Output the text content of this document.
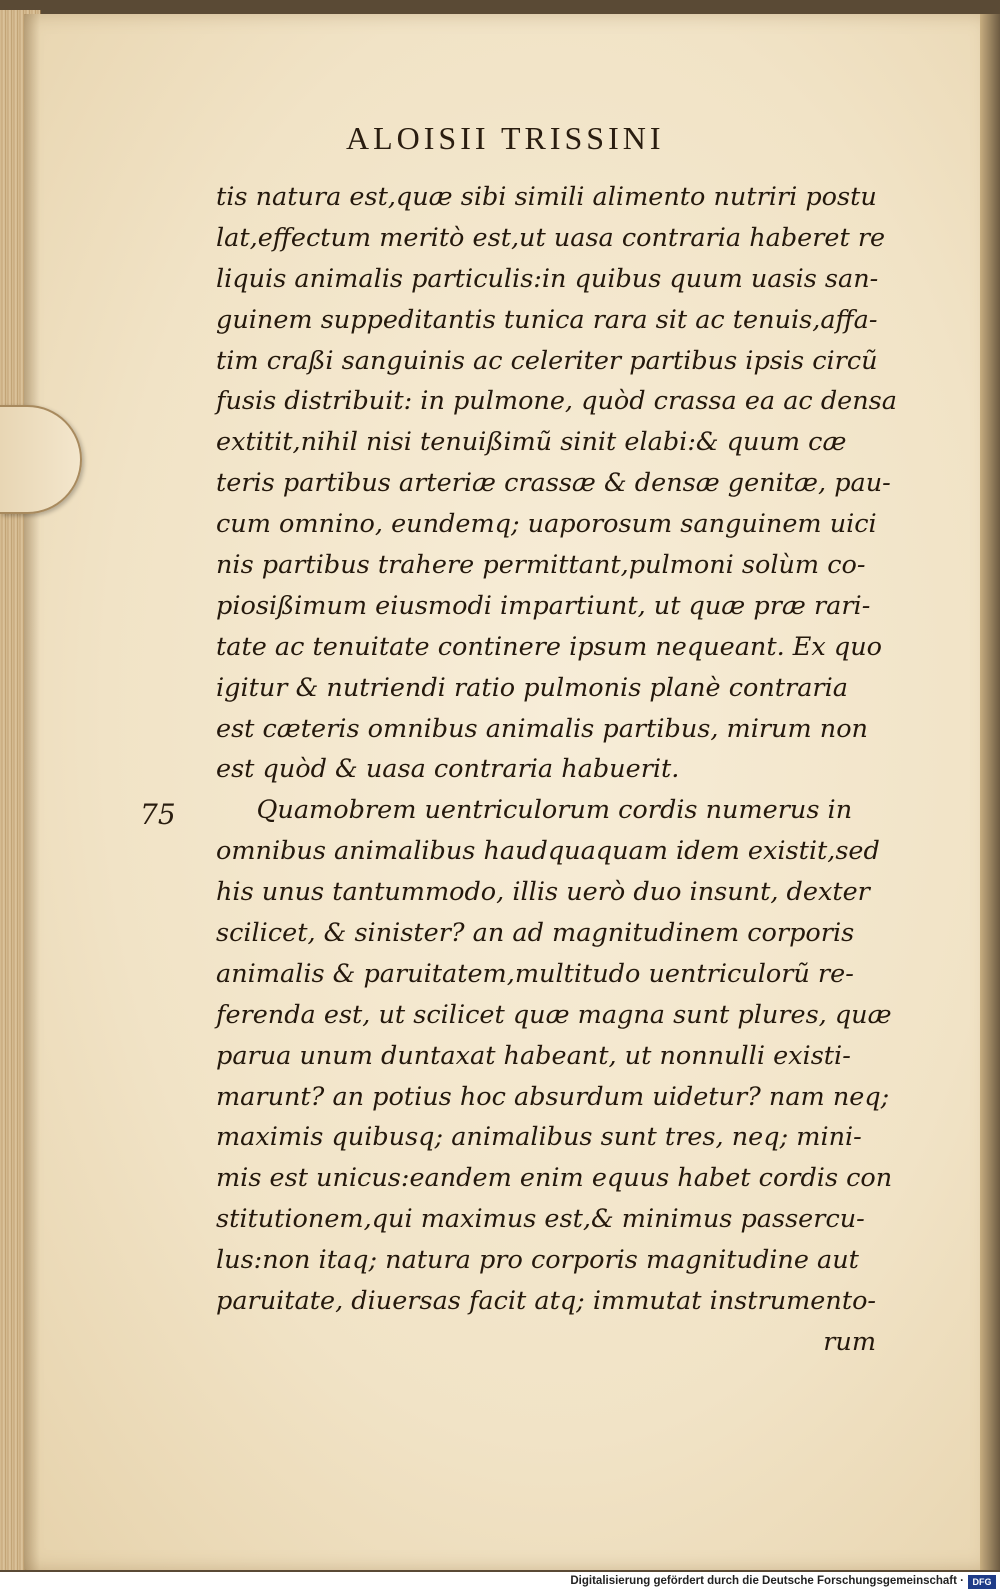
ALOISII TRISSINI
75
tis natura est,quæ sibi simili alimento nutriri postu
lat,effectum meritò est,ut uasa contraria haberet re
liquis animalis particulis:in quibus quum uasis san-
guinem suppeditantis tunica rara sit ac tenuis,affa-
tim craßi sanguinis ac celeriter partibus ipsis circũ
fusis distribuit: in pulmone, quòd crassa ea ac densa
extitit,nihil nisi tenuißimũ sinit elabi:& quum cæ
teris partibus arteriæ crassæ & densæ genitæ, pau-
cum omnino, eundemq; uaporosum sanguinem uici
nis partibus trahere permittant,pulmoni solùm co-
piosißimum eiusmodi impartiunt, ut quæ præ rari-
tate ac tenuitate continere ipsum nequeant. Ex quo
igitur & nutriendi ratio pulmonis planè contraria
est cæteris omnibus animalis partibus, mirum non
est quòd & uasa contraria habuerit.
Quamobrem uentriculorum cordis numerus in
omnibus animalibus haudquaquam idem existit,sed
his unus tantummodo, illis uerò duo insunt, dexter
scilicet, & sinister? an ad magnitudinem corporis
animalis & paruitatem,multitudo uentriculorũ re-
ferenda est, ut scilicet quæ magna sunt plures, quæ
parua unum duntaxat habeant, ut nonnulli existi-
marunt? an potius hoc absurdum uidetur? nam neq;
maximis quibusq; animalibus sunt tres, neq; mini-
mis est unicus:eandem enim equus habet cordis con
stitutionem,qui maximus est,& minimus passercu-
lus:non itaq; natura pro corporis magnitudine aut
paruitate, diuersas facit atq; immutat instrumento-
rum
Digitalisierung gefördert durch die Deutsche Forschungsgemeinschaft · DFG
